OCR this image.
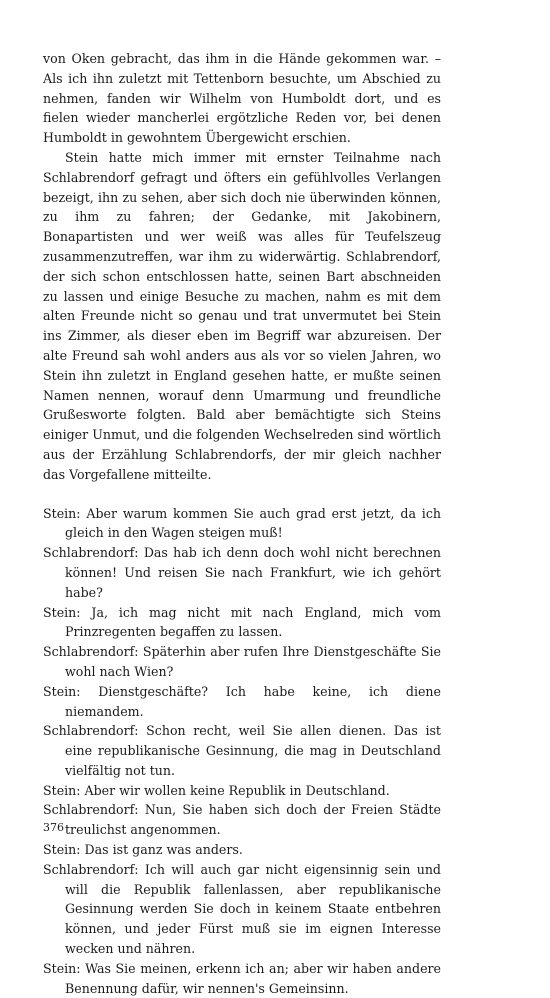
von Oken gebracht, das ihm in die Hände gekommen war. – Als ich ihn zuletzt mit Tettenborn besuchte, um Abschied zu nehmen, fanden wir Wilhelm von Humboldt dort, und es fielen wieder mancherlei ergötzliche Reden vor, bei denen Humboldt in gewohntem Übergewicht erschien.

Stein hatte mich immer mit ernster Teilnahme nach Schlabrendorf gefragt und öfters ein gefühlvolles Verlangen bezeigt, ihn zu sehen, aber sich doch nie überwinden können, zu ihm zu fahren; der Gedanke, mit Jakobinern, Bonapartisten und wer weiß was alles für Teufelszeug zusammenzutreffen, war ihm zu widerwärtig. Schlabrendorf, der sich schon entschlossen hatte, seinen Bart abschneiden zu lassen und einige Besuche zu machen, nahm es mit dem alten Freunde nicht so genau und trat unvermutet bei Stein ins Zimmer, als dieser eben im Begriff war abzureisen. Der alte Freund sah wohl anders aus als vor so vielen Jahren, wo Stein ihn zuletzt in England gesehen hatte, er mußte seinen Namen nennen, worauf denn Umarmung und freundliche Grußesworte folgten. Bald aber bemächtigte sich Steins einiger Unmut, und die folgenden Wechselreden sind wörtlich aus der Erzählung Schlabrendorfs, der mir gleich nachher das Vorgefallene mitteilte.

Stein: Aber warum kommen Sie auch grad erst jetzt, da ich gleich in den Wagen steigen muß!

Schlabrendorf: Das hab ich denn doch wohl nicht berechnen können! Und reisen Sie nach Frankfurt, wie ich gehört habe?

Stein: Ja, ich mag nicht mit nach England, mich vom Prinzregenten begaffen zu lassen.

Schlabrendorf: Späterhin aber rufen Ihre Dienstgeschäfte Sie wohl nach Wien?

Stein: Dienstgeschäfte? Ich habe keine, ich diene niemandem.

Schlabrendorf: Schon recht, weil Sie allen dienen. Das ist eine republikanische Gesinnung, die mag in Deutschland vielfältig not tun.

Stein: Aber wir wollen keine Republik in Deutschland.

Schlabrendorf: Nun, Sie haben sich doch der Freien Städte treulichst angenommen.

Stein: Das ist ganz was anders.

Schlabrendorf: Ich will auch gar nicht eigensinnig sein und will die Republik fallenlassen, aber republikanische Gesinnung werden Sie doch in keinem Staate entbehren können, und jeder Fürst muß sie im eignen Interesse wecken und nähren.

Stein: Was Sie meinen, erkenn ich an; aber wir haben andere Benennung dafür, wir nennen's Gemeinsinn.

376
